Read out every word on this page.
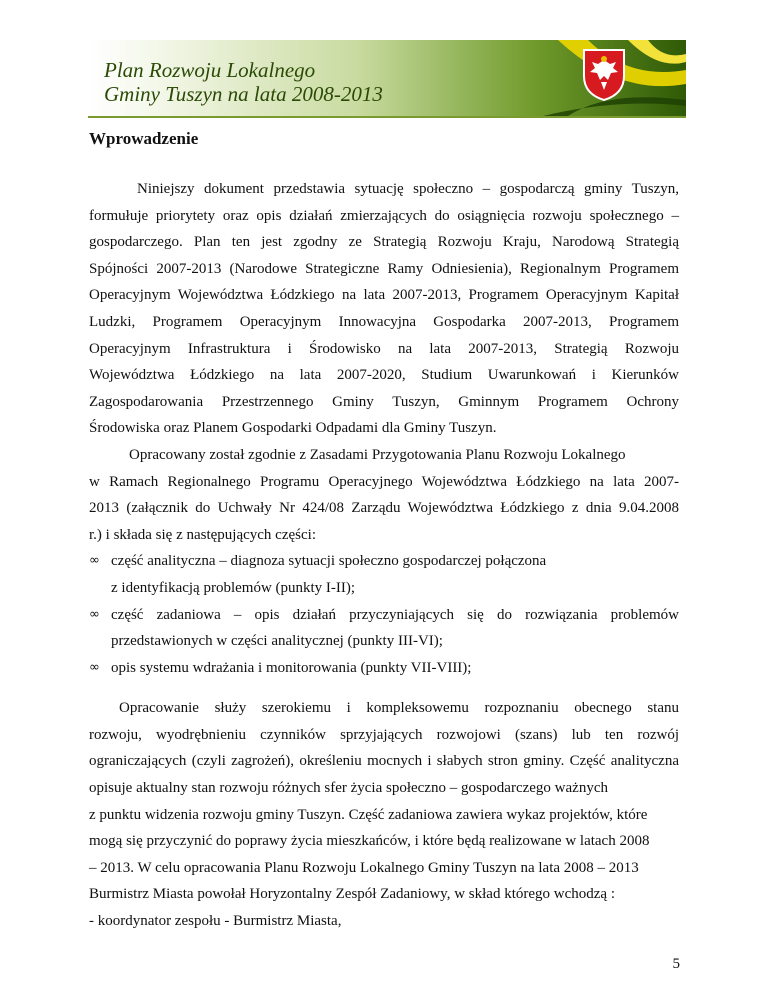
Plan Rozwoju Lokalnego
Gminy Tuszyn na lata 2008-2013
Wprowadzenie
Niniejszy dokument przedstawia sytuację społeczno – gospodarczą gminy Tuszyn,
formułuje priorytety oraz opis działań zmierzających do osiągnięcia rozwoju społecznego –
gospodarczego. Plan ten jest zgodny ze Strategią Rozwoju Kraju, Narodową Strategią
Spójności 2007-2013 (Narodowe Strategiczne Ramy Odniesienia), Regionalnym Programem
Operacyjnym Województwa Łódzkiego na lata 2007-2013, Programem Operacyjnym Kapitał
Ludzki, Programem Operacyjnym Innowacyjna Gospodarka 2007-2013, Programem
Operacyjnym Infrastruktura i Środowisko na lata 2007-2013, Strategią Rozwoju
Województwa Łódzkiego na lata 2007-2020, Studium Uwarunkowań i Kierunków
Zagospodarowania Przestrzennego Gminy Tuszyn, Gminnym Programem Ochrony
Środowiska oraz Planem Gospodarki Odpadami dla Gminy Tuszyn.
Opracowany został zgodnie z Zasadami Przygotowania Planu Rozwoju Lokalnego
w Ramach Regionalnego Programu Operacyjnego Województwa Łódzkiego na lata 2007-
2013 (załącznik do Uchwały Nr 424/08 Zarządu Województwa Łódzkiego z dnia 9.04.2008
r.) i składa się z następujących części:
∞ część analityczna – diagnoza sytuacji społeczno gospodarczej połączona
z identyfikacją problemów (punkty I-II);
∞ część zadaniowa – opis działań przyczyniających się do rozwiązania problemów
przedstawionych w części analitycznej (punkty III-VI);
∞ opis systemu wdrażania i monitorowania (punkty VII-VIII);
Opracowanie służy szerokiemu i kompleksowemu rozpoznaniu obecnego stanu
rozwoju, wyodrębnieniu czynników sprzyjających rozwojowi (szans) lub ten rozwój
ograniczających (czyli zagrożeń), określeniu mocnych i słabych stron gminy. Część analityczna
opisuje aktualny stan rozwoju różnych sfer życia społeczno – gospodarczego ważnych
z punktu widzenia rozwoju gminy Tuszyn. Część zadaniowa zawiera wykaz projektów, które
mogą się przyczynić do poprawy życia mieszkańców, i które będą realizowane w latach 2008
– 2013. W celu opracowania Planu Rozwoju Lokalnego Gminy Tuszyn na lata 2008 – 2013
Burmistrz Miasta powołał Horyzontalny Zespół Zadaniowy, w skład którego wchodzą :
- koordynator zespołu - Burmistrz Miasta,
5
